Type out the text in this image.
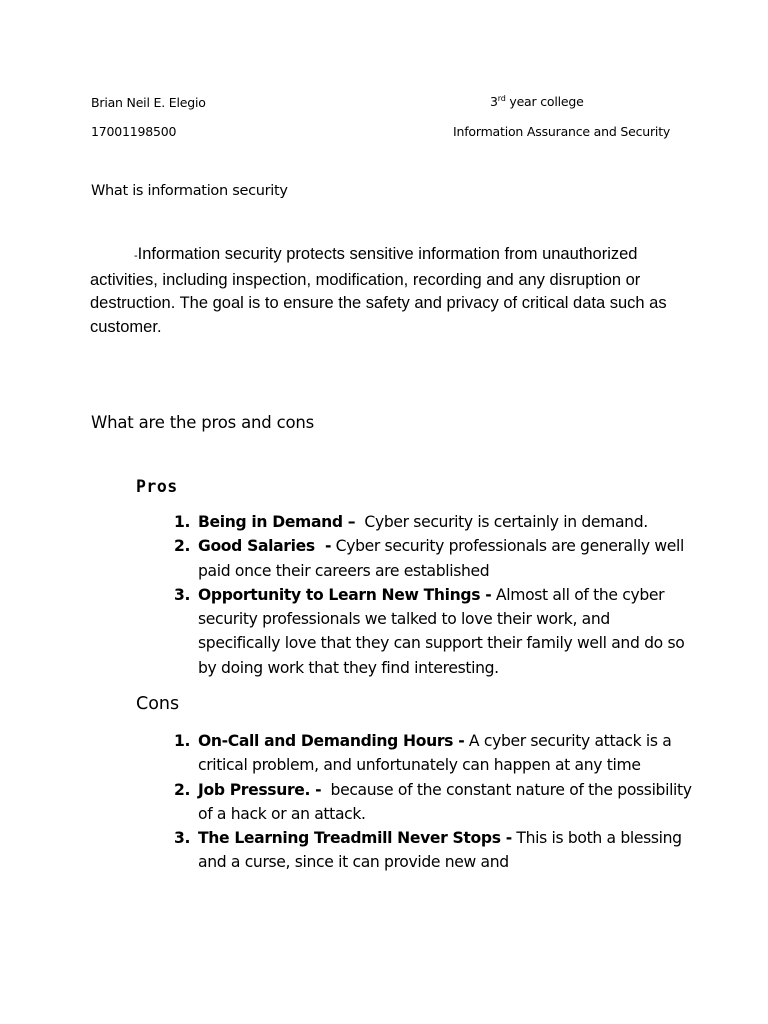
Brian Neil E. Elegio	3rd year college
17001198500	Information Assurance and Security
What is information security
-Information security protects sensitive information from unauthorized activities, including inspection, modification, recording and any disruption or destruction. The goal is to ensure the safety and privacy of critical data such as customer.
What are the pros and cons
Pros
1. Being in Demand –  Cyber security is certainly in demand.
2. Good Salaries  - Cyber security professionals are generally well paid once their careers are established
3. Opportunity to Learn New Things - Almost all of the cyber security professionals we talked to love their work, and specifically love that they can support their family well and do so by doing work that they find interesting.
Cons
1. On-Call and Demanding Hours - A cyber security attack is a critical problem, and unfortunately can happen at any time
2. Job Pressure. -  because of the constant nature of the possibility of a hack or an attack.
3. The Learning Treadmill Never Stops - This is both a blessing and a curse, since it can provide new and
